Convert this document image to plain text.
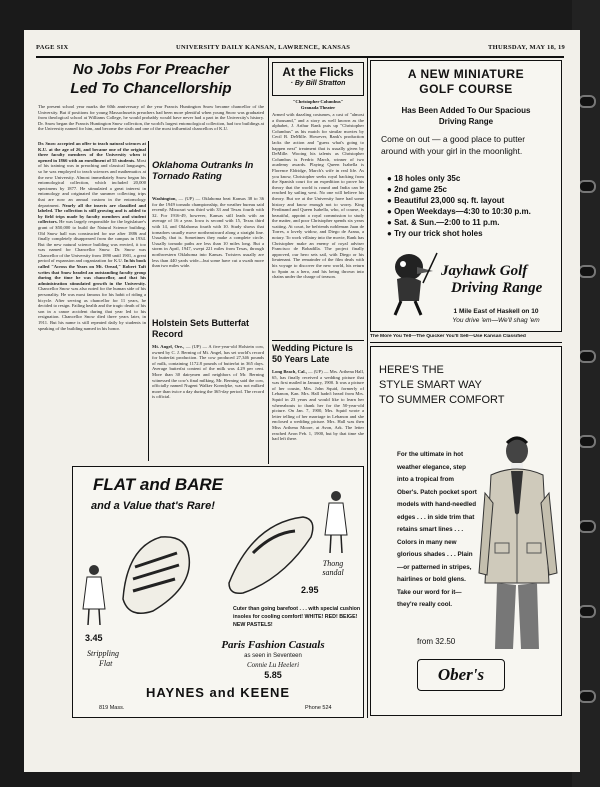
PAGE SIX	UNIVERSITY DAILY KANSAN, LAWRENCE, KANSAS	THURSDAY, MAY 18, 19
No Jobs For Preacher
Led To Chancellorship
The present school year marks the 60th anniversary of the year Francis Huntington Snow became chancellor of the University. But if positions for young Massachusetts preachers had been more plentiful when young Snow was graduated from theological school at Williams College, he would probably would have never had a part in the University's history. Dr. Snow began the Francis Huntington Snow collection, the world's largest entomological collection, had two buildings at the University named for him, and become the sixth and one of the most influential chancellors of K.U.
Dr. Snow accepted an offer to teach natural sciences at K.U. at the age of 26, and became one of the original three faculty members of the University when it opened in 1866 with an enrollment of 55 students. Most of his training was in preaching and classical languages, so he was employed to teach sciences and mathematics at the new University. Almost immediately Snow began his entomological collection, which included 20,000 specimens by 1877. He stimulated a great interest in entomology and originated the summer collecting trips that are now an annual custom in the entomology department. Nearly all the insects are classified and labeled. The collection is still growing and is added to by field trips made by faculty members and student collectors. He was largely responsible for the legislature's grant of $50,000 to build the Natural Science building. Old Snow hall was constructed for use after 1886 and finally completely disappeared from the campus in 1934. But the new natural science building was erected, it too was named for Chancellor Snow. Dr. Snow was Chancellor of the University from 1890 until 1901, a great period of expansion and organization for K.U. In his book called "Across the Years on Mt. Oread," Robert Taft writes that Snow headed an outstanding faculty group during the time he was chancellor, and that his administration stimulated growth in the University. Chancellor Snow was also noted for the human side of his personality. He was most famous for his habit of riding a bicycle. After serving as chancellor for 11 years, he decided to resign. Failing health and the tragic death of his son in a canoe accident during that year led to his resignation. Chancellor Snow died three years later, in 1911. But his name is still repeated daily by students in speaking of the building named in his honor.
Oklahoma Outranks In Tornado Rating
Washington, — (UP) — Oklahoma beat Kansas 38 to 36 for the 1949 tornado championship, the weather bureau said recently. Missouri was third with 33 and Texas fourth with 32. For 1916-49, however, Kansas still leads with an average of 16 a year. Iowa is second with 15, Texas third with 14, and Oklahoma fourth with 10. Study shows that tornadoes usually move northeastward along a straight line. Usually, that is. Sometimes they make a complete circle. Usually tornado paths are less than 10 miles long. But a storm in April, 1947, swept 221 miles from Texas, through northwestern Oklahoma into Kansas. Twisters usually are less than 440 yards wide—but some have cut a swath more than two miles wide.
Holstein Sets Butterfat Record
Mt. Angel, Ore., — (UP) — A five-year-old Holstein cow, owned by C. J. Berning of Mt. Angel, has set world's record for butterfat production. The cow produced 27,346 pounds of milk, containing 1172.8 pounds of butterfat in 365 days. Average butterfat content of the milk was 4.29 per cent. More than 30 dairymen and neighbors of Mr. Berning witnessed the cow's final milking, Mr. Berning said the cow, officially named Nugent Walker Korndyke, was not milked more than twice a day during the 365-day period. The record is official.
At the Flicks
· By Bill Stratton
"Christopher Columbus"
Granada Theater
Armed with dazzling costumes, a cast of "almost a thousand," and a story as well known as the alphabet, J. Arthur Rank puts up "Christopher Columbus" as his match for similar movies by Cecil B. DeMille. However, Rank's production lacks the action and "guess what's going to happen next" treatment that is usually given by DeMille. Wooing his talents as Christopher Columbus is Fredric March, winner of two academy awards. Playing Queen Isabella is Florence Eldridge, March's wife in real life. As you know, Christopher seeks royal backing from the Spanish court for an expedition to prove his theory that the world is round and India can be reached by sailing west. No one will believe his theory. But we at the University have had some history and know enough not to worry. King Ferdinand and Queen Isabella, who, of course, is beautiful, appoint a royal commission to study the matter, and poor Christopher spends six years waiting. At court, he befriends nobleman Juan de Torres, a lovely widow, and Diego de Arana, a notary. To work villainy into the movie, Rank has Christopher make an enemy of royal adviser Francisco de Bobadilla. The project finally approved, our hero sets sail, with Diego or his lieutenant. The remainder of the film deals with his voyage to discover the new world, his return to Spain as a hero, and his being thrown into chains under the charge of treason.
Wedding Picture Is 50 Years Late
Long Beach, Cal., — (UP) — Mrs. Arthena Hall, 65, has finally received a wedding picture that was first mailed in January, 1900. It was a picture of her cousin, Mrs. John Squid, formerly of Lebanon, Kan. Mrs. Hall hadn't heard from Mrs. Squid in 23 years and would like to learn her whereabouts to thank her for the 50-year-old picture. On Jan. 7, 1900, Mrs. Squid wrote a letter telling of her marriage in Lebanon and she enclosed a wedding picture. Mrs. Hall was then Miss Arthena Moore, at Avon, Ark. The letter reached Avon Feb. 1, 1900, but by that time she had left there.
A NEW MINIATURE
GOLF COURSE
Has Been Added To Our Spacious
Driving Range
Come on out — a good place to putter around with your girl in the moonlight.
● 18 holes only 35c
● 2nd game 25c
● Beautiful 23,000 sq. ft. layout
● Open Weekdays—4:30 to 10:30 p.m.
● Sat. & Sun.—2:00 to 11 p.m.
● Try our trick shot holes
Jayhawk Golf
Driving Range
1 Mile East of Haskell on 10
You drive 'em—We'll shag 'em
The More You Tell—The Quicker You'll Sell—Use Kansan Classified
HERE'S THE
STYLE SMART WAY
TO SUMMER COMFORT
For the ultimate in hot weather elegance, step into a tropical from Ober's. Patch pocket sport models with hand-needled edges . . . in side trim that retains smart lines . . . Colors in many new glorious shades . . . Plain—or patterned in stripes, hairlines or bold glens. Take our word for it—they're really cool.
from 32.50
Ober's
FLAT and BARE
and a Value that's Rare!
Thong
sandal
2.95
3.45
Strippling
Flat
Cuter than going barefoot . . . with special cushion insoles for cooling comfort! WHITE! RED! BEIGE! NEW PASTELS!
Paris Fashion Casuals
as seen in Seventeen
Connie Lu Heeleri
5.85
HAYNES and KEENE
819 Mass.	Phone 524
